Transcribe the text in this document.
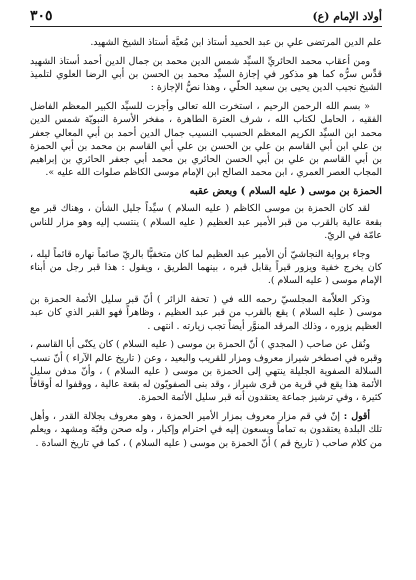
أولاد الإمام (ع)
٣٠٥

علم الدين المرتضى علي بن عبد الحميد أستاذ ابن مُعيَّة أستاذ الشيخ الشهيد.

ومن أعقاب محمد الحائريِّ السيِّد شمس الدين محمد بن جمال الدين أحمد أستاذ الشهيد قدِّس سرُّه كما هو مذكور في إجازة السيِّد محمد بن الحسن بن أبي الرضا العلوي لتلميذ الشيخ نجيب الدين يحيى بن سعيد الحلّي ، وهذا نصُّ الإجازة :

« بسم الله الرحمن الرحيم ، استخرت الله تعالى وأجزت للسيِّد الكبير المعظم الفاضل الفقيه ، الحامل لكتاب الله ، شرف العترة الطاهرة ، مفخر الأسرة النبويّة شمس الدين محمد ابن السيِّد الكريم المعظم الحسيب النسيب جمال الدين أحمد بن أبي المعالي جعفر بن علي ابن أبي القاسم بن علي بن الحسن بن علي أبي القاسم بن محمد بن أبي الحمزة بن أبي القاسم بن علي بن أبي الحسن الحائري بن محمد أبي جعفر الحائري بن إبراهيم المجاب العصر العمري ، ابن محمد الصالح ابن الإمام موسى الكاظم صلوات الله عليه ».

الحمزة بن موسى ( عليه السلام ) وبعض عقبه

لقد كان الحمزة بن موسى الكاظم ( عليه السلام ) سيِّداً جليل الشأن ، وهناك قبر مع بقعة عالية بالقرب من قبر الأمير عبد العظيم ( عليه السلام ) ينتسب إليه وهو مزار للناس عامّة في الريّ.

وجاء برواية النجاشيّ أن الأمير عبد العظيم لما كان متخفيًّا بالريّ صائماً نهاره قائماً ليله ، كان يخرج خفية ويزور قبراً يقابل قبره ، بينهما الطريق ، ويقول : هذا قبر رجل من أبناء الإمام موسى ( عليه السلام ).

وذكر العلاّمة المجلسيّ رحمه الله في ( تحفة الزائر ) أنّ قبر سليل الأئمة الحمزة بن موسى ( عليه السلام ) يقع بالقرب من قبر عبد العظيم ، وظاهراً فهو القبر الذي كان عبد العظيم يزوره ، وذلك المرقد المنوَّر أيضاً تجب زيارته . انتهى .

ونُقل عن صاحب ( المجدي ) أنّ الحمزة بن موسى ( عليه السلام ) كان يكنّى أبا القاسم ، وقبره في اصطخر شيراز معروف ومزار للقريب والبعيد ، وعن ( تاريخ عالم الآراء ) أنّ نسب السلالة الصفوية الجليلة ينتهي إلى الحمزة بن موسى ( عليه السلام ) ، وأنّ مدفن سليل الأئمة هذا يقع في قرية من قرى شيراز ، وقد بنى الصفويّون له بقعة عالية ، ووقفوا له أوقافاً كثيرة ، وفي ترشيز جماعة يعتقدون أنه قبر سليل الأئمة الحمزة.

أقول : إنّ في قم مزار معروف بمزار الأمير الحمزة ، وهو معروف بجلالة القدر ، وأهل تلك البلدة يعتقدون به تماماً ويسعون إليه في احترام وإكبار ، وله صحن وقبّة ومشهد ، ويعلم من كلام صاحب ( تاريخ قم ) أنّ الحمزة بن موسى ( عليه السلام ) ، كما في تاريخ السادة .
